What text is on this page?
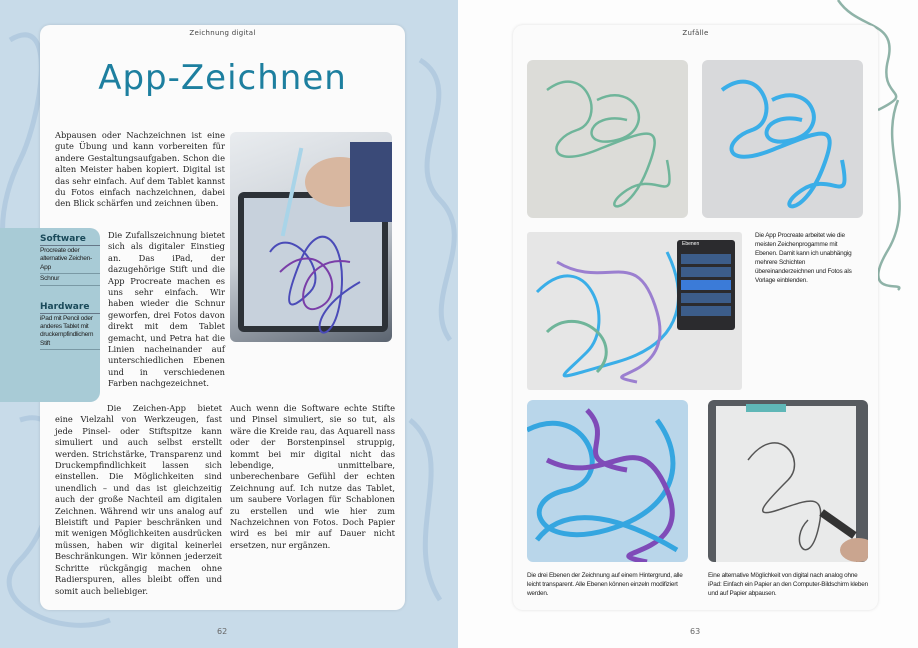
Zeichnung digital
App-Zeichnen
Abpausen oder Nachzeichnen ist eine gute Übung und kann vorbereiten für andere Gestaltungsaufgaben. Schon die alten Meister haben kopiert. Digital ist das sehr einfach. Auf dem Tablet kannst du Fotos einfach nachzeichnen, dabei den Blick schärfen und zeichnen üben.
Software
Procreate oder alternative Zeichen-App
Schnur
Hardware
iPad mit Pencil oder anderes Tablet mit druckempfindlichem Stift
Die Zufallszeichnung bietet sich als digitaler Einstieg an. Das iPad, der dazugehörige Stift und die App Procreate machen es uns sehr einfach. Wir haben wieder die Schnur geworfen, drei Fotos davon direkt mit dem Tablet gemacht, und Petra hat die Linien nacheinander auf unterschiedlichen Ebenen und in verschiedenen Farben nachgezeichnet.
Die Zeichen-App bietet eine Vielzahl von Werkzeugen, fast jede Pinsel- oder Stiftspitze kann simuliert und auch selbst erstellt werden. Strichstärke, Transparenz und Druckempfindlichkeit lassen sich einstellen. Die Möglichkeiten sind unendlich – und das ist gleichzeitig auch der große Nachteil am digitalen Zeichnen. Während wir uns analog auf Bleistift und Papier beschränken und mit wenigen Möglichkeiten ausdrücken müssen, haben wir digital keinerlei Beschränkungen. Wir können jederzeit Schritte rückgängig machen ohne Radierspuren, alles bleibt offen und somit auch beliebiger.
Auch wenn die Software echte Stifte und Pinsel simuliert, sie so tut, als wäre die Kreide rau, das Aquarell nass oder der Borstenpinsel struppig, kommt bei mir digital nicht das lebendige, unmittelbare, unberechenbare Gefühl der echten Zeichnung auf. Ich nutze das Tablet, um saubere Vorlagen für Schablonen zu erstellen und wie hier zum Nachzeichnen von Fotos. Doch Papier wird es bei mir auf Dauer nicht ersetzen, nur ergänzen.
62
Zufälle
Ebenen
Die App Procreate arbeitet wie die meisten Zeichenprogamme mit Ebenen. Damit kann ich unabhängig mehrere Schichten übereinanderzeichnen und Fotos als Vorlage einblenden.
Die drei Ebenen der Zeichnung auf einem Hintergrund, alle leicht transparent. Alle Ebenen können einzeln modifiziert werden.
Eine alternative Möglichkeit von digital nach analog ohne iPad: Einfach ein Papier an den Computer-Bildschirm kleben und auf Papier abpausen.
63
